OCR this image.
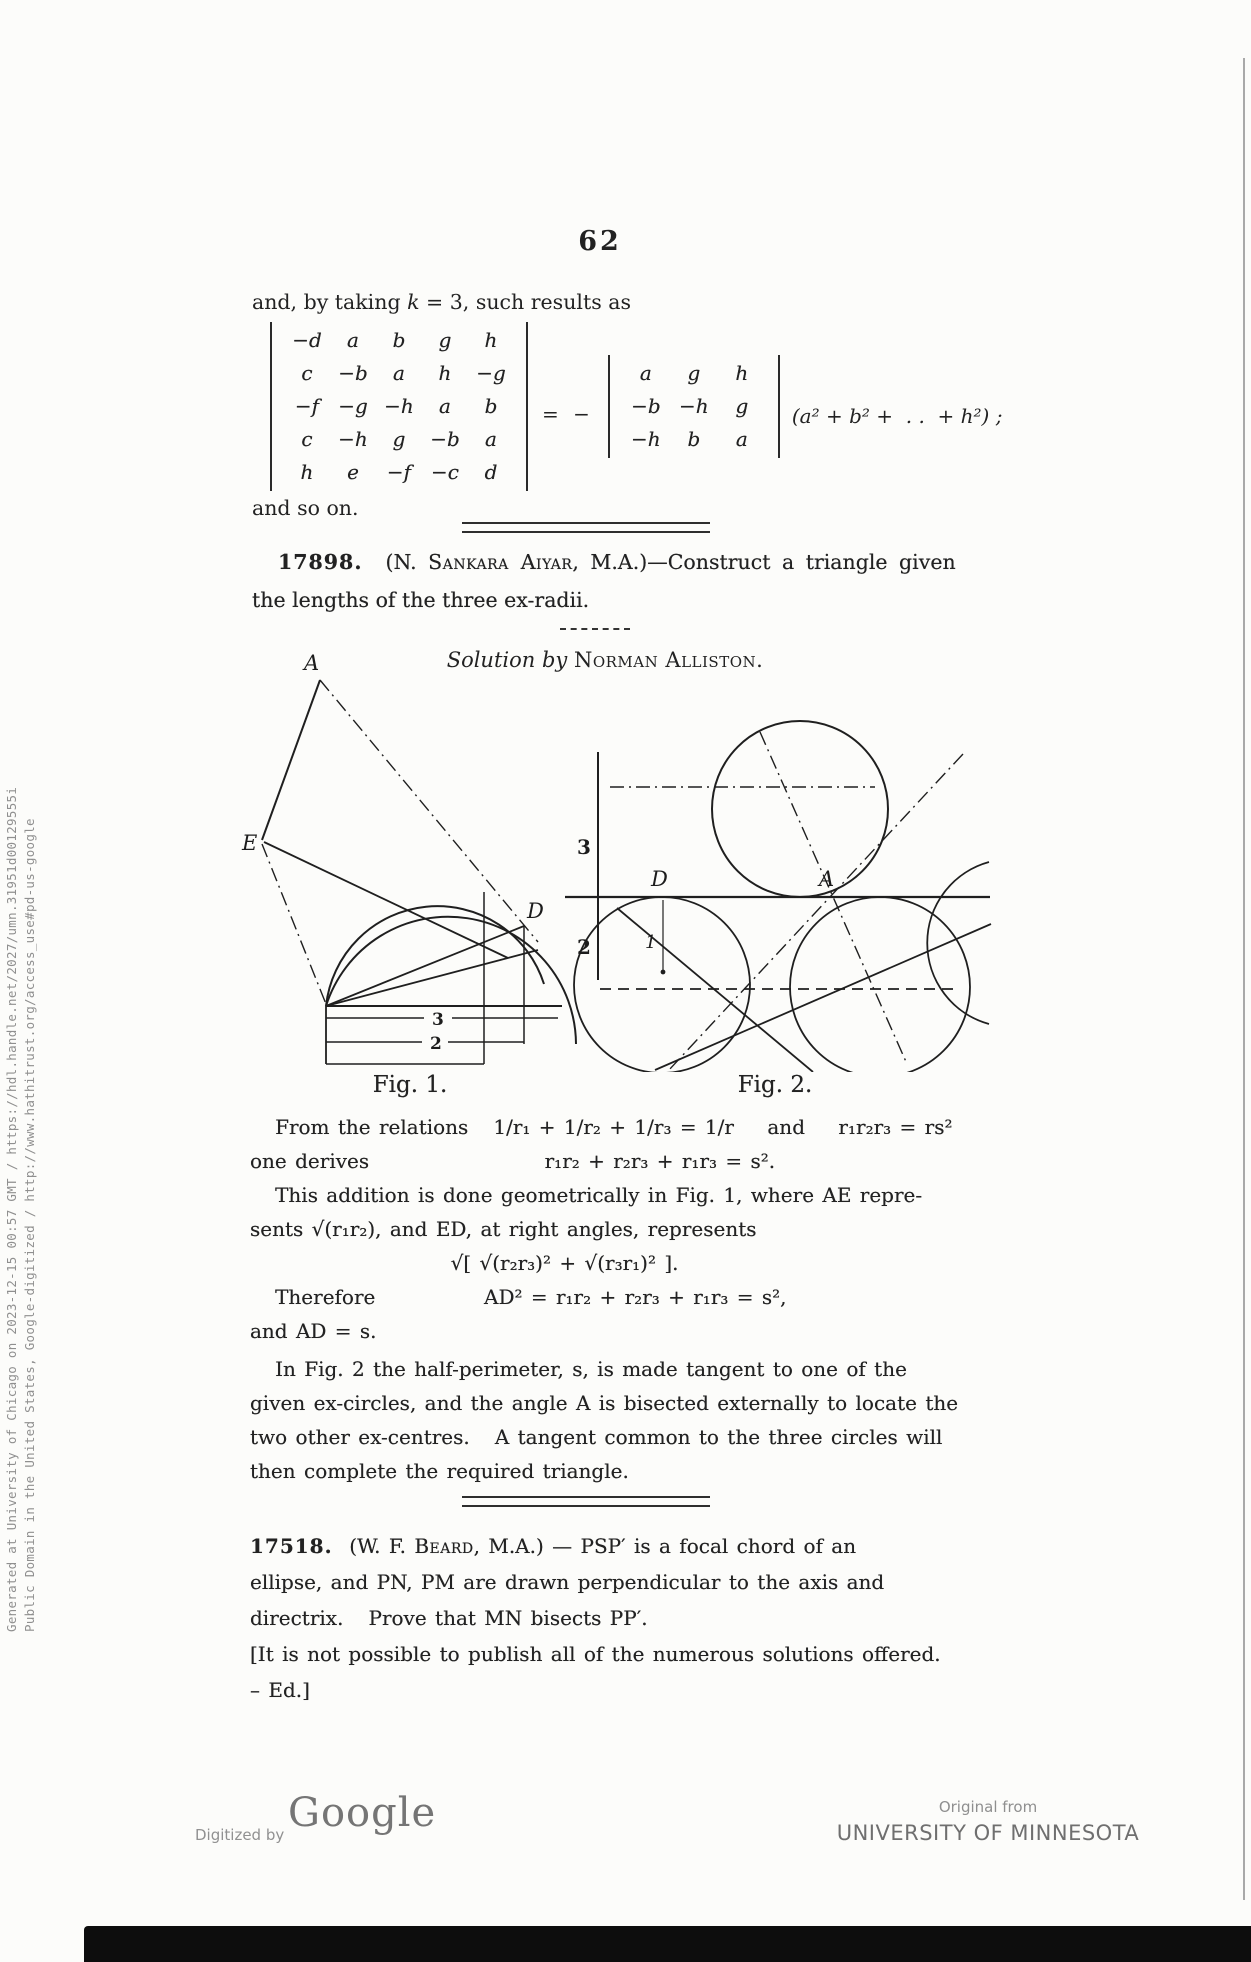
Generated at University of Chicago on 2023-12-15 00:57 GMT / https://hdl.handle.net/2027/umn.31951d00129555i Public Domain in the United States, Google-digitized / http://www.hathitrust.org/access_use#pd-us-google
62
and, by taking k = 3, such results as
−d	a	b	g	h
c	−b	a	h	−g
−f −g −h	a	b
c	−h	g	−b	a
h	e	−f −c	d
= −
a	g	h
−b −h	g
−h	b	a
(a² + b² +  . .  + h²) ;
and so on.
17898.  (N. Sankara Aiyar, M.A.)—Construct a triangle given
the lengths of the three ex-radii.
Solution by Norman Alliston.
A
E
D
3
2
3
2
D	A
1
Fig. 1.	Fig. 2.
From the relations   1/r₁ + 1/r₂ + 1/r₃ = 1/r    and    r₁r₂r₃ = rs²
one derives                     r₁r₂ + r₂r₃ + r₁r₃ = s².
This addition is done geometrically in Fig. 1, where AE repre-
sents √(r₁r₂), and ED, at right angles, represents
√[ √(r₂r₃)² + √(r₃r₁)² ].
Therefore             AD² = r₁r₂ + r₂r₃ + r₁r₃ = s²,
and AD = s.
In Fig. 2 the half-perimeter, s, is made tangent to one of the
given ex-circles, and the angle A is bisected externally to locate the
two other ex-centres.   A tangent common to the three circles will
then complete the required triangle.
17518.  (W. F. Beard, M.A.) — PSP′ is a focal chord of an
ellipse, and PN, PM are drawn perpendicular to the axis and
directrix.   Prove that MN bisects PP′.
[It is not possible to publish all of the numerous solutions offered.
– Ed.]
Digitized by Google	Original from
UNIVERSITY OF MINNESOTA
